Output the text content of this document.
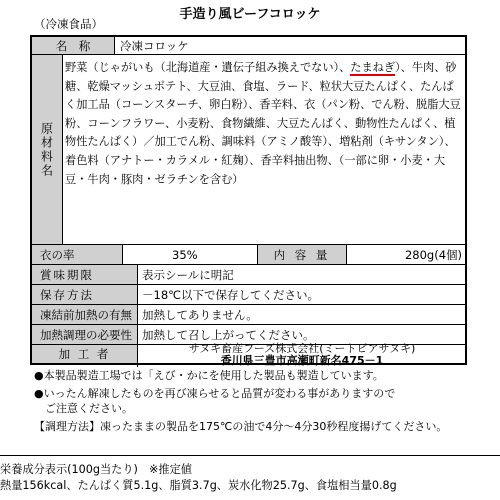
手造り風ビーフコロッケ
（冷凍食品）
名　称	冷凍コロッケ
原材料名
野菜（じゃがいも（北海道産・遺伝子組み換えでない）、たまねぎ）、牛肉、砂糖、乾燥マッシュポテト、大豆油、食塩、ラード、粒状大豆たんぱく、たんぱく加工品（コーンスターチ、卵白粉）、香辛料、衣（パン粉、でん粉、脱脂大豆粉、コーンフラワー、小麦粉、食物繊維、大豆たんぱく、動物性たんぱく、植物性たんぱく）／加工でん粉、調味料（アミノ酸等）、増粘剤（キサンタン）、着色料（アナトー・カラメル・紅麹）、香辛料抽出物、（一部に卵・小麦・大豆・牛肉・豚肉・ゼラチンを含む）
衣の率	35%	内 容 量	280g(4個)
賞味期限	表示シールに明記
保存方法	－18℃以下で保存してください。
凍結前加熱の有無 加熱してありません。
加熱調理の必要性 加熱して召し上がってください。
加 工 者	サヌキ畜産フーズ株式会社(ミートピアサヌキ)
香川県三豊市高瀬町新名475－1
●本製品製造工場では「えび・かにを使用した製品も製造しています。
●いったん解凍したものを再び凍らせると品質が変わる事がありますので
　ご注意ください。
【調理方法】凍ったままの製品を175℃の油で4分～4分30秒程度揚げてください。
栄養成分表示(100g当たり)　※推定値
熱量156kcal、たんぱく質5.1g、脂質3.7g、炭水化物25.7g、食塩相当量0.8g
